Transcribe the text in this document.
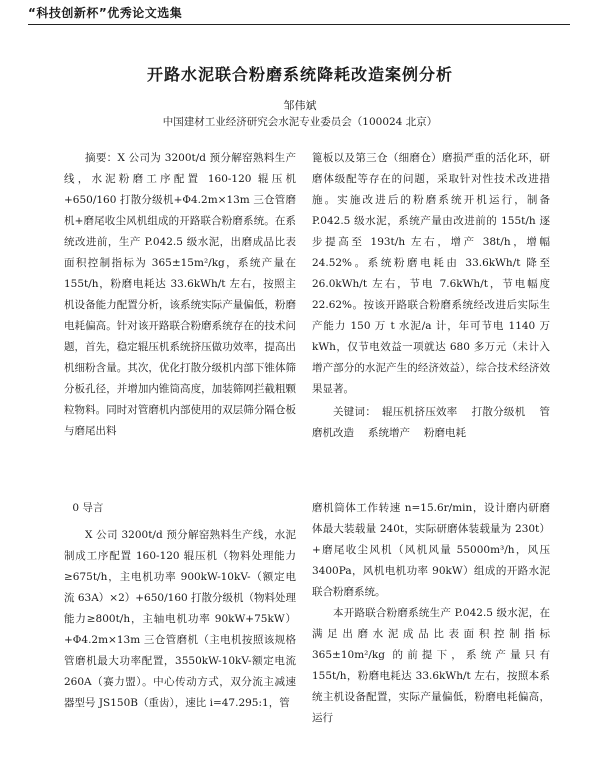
“科技创新杯”优秀论文选集
开路水泥联合粉磨系统降耗改造案例分析
邹伟斌
中国建材工业经济研究会水泥专业委员会（100024 北京）

摘要：X 公司为 3200t/d 预分解窑熟料生产线，水泥粉磨工序配置 160-120 辊压机+650/160 打散分级机+Φ4.2m×13m 三仓管磨机+磨尾收尘风机组成的开路联合粉磨系统。在系统改进前，生产 P.042.5 级水泥，出磨成品比表面积控制指标为 365±15m²/kg，系统产量在 155t/h，粉磨电耗达 33.6kWh/t 左右，按照主机设备能力配置分析，该系统实际产量偏低，粉磨电耗偏高。针对该开路联合粉磨系统存在的技术问题，首先，稳定辊压机系统挤压做功效率，提高出机细粉含量。其次，优化打散分级机内部下锥体筛分板孔径，并增加内锥筒高度，加装筛网拦截粗颗粒物料。同时对管磨机内部使用的双层筛分隔仓板与磨尾出料

篦板以及第三仓（细磨仓）磨损严重的活化环，研磨体级配等存在的问题，采取针对性技术改进措施。实施改进后的粉磨系统开机运行，制备 P.042.5 级水泥，系统产量由改进前的 155t/h 逐步提高至 193t/h 左右，增产 38t/h，增幅 24.52%。系统粉磨电耗由 33.6kWh/t 降至 26.0kWh/t 左右，节电 7.6kWh/t，节电幅度 22.62%。按该开路联合粉磨系统经改进后实际生产能力 150 万 t 水泥/a 计，年可节电 1140 万 kWh，仅节电效益一项就达 680 多万元（未计入增产部分的水泥产生的经济效益），综合技术经济效果显著。

关键词： 辊压机挤压效率 打散分级机 管磨机改造 系统增产 粉磨电耗

0 导言

X 公司 3200t/d 预分解窑熟料生产线，水泥制成工序配置 160-120 辊压机（物料处理能力≥675t/h，主电机功率 900kW-10kV-（额定电流 63A）×2）+650/160 打散分级机（物料处理能力≥800t/h，主轴电机功率 90kW+75kW）+Φ4.2m×13m 三仓管磨机（主电机按照该规格管磨机最大功率配置，3550kW-10kV-额定电流 260A（赛力盟）。中心传动方式，双分流主减速器型号 JS150B（重齿），速比 i=47.295:1，管

磨机筒体工作转速 n=15.6r/min，设计磨内研磨体最大装载量 240t，实际研磨体装载量为 230t）+磨尾收尘风机（风机风量 55000m³/h，风压 3400Pa，风机电机功率 90kW）组成的开路水泥联合粉磨系统。

本开路联合粉磨系统生产 P.042.5 级水泥，在满足出磨水泥成品比表面积控制指标 365±10m²/kg 的前提下，系统产量只有 155t/h，粉磨电耗达 33.6kWh/t 左右，按照本系统主机设备配置，实际产量偏低，粉磨电耗偏高，运行
